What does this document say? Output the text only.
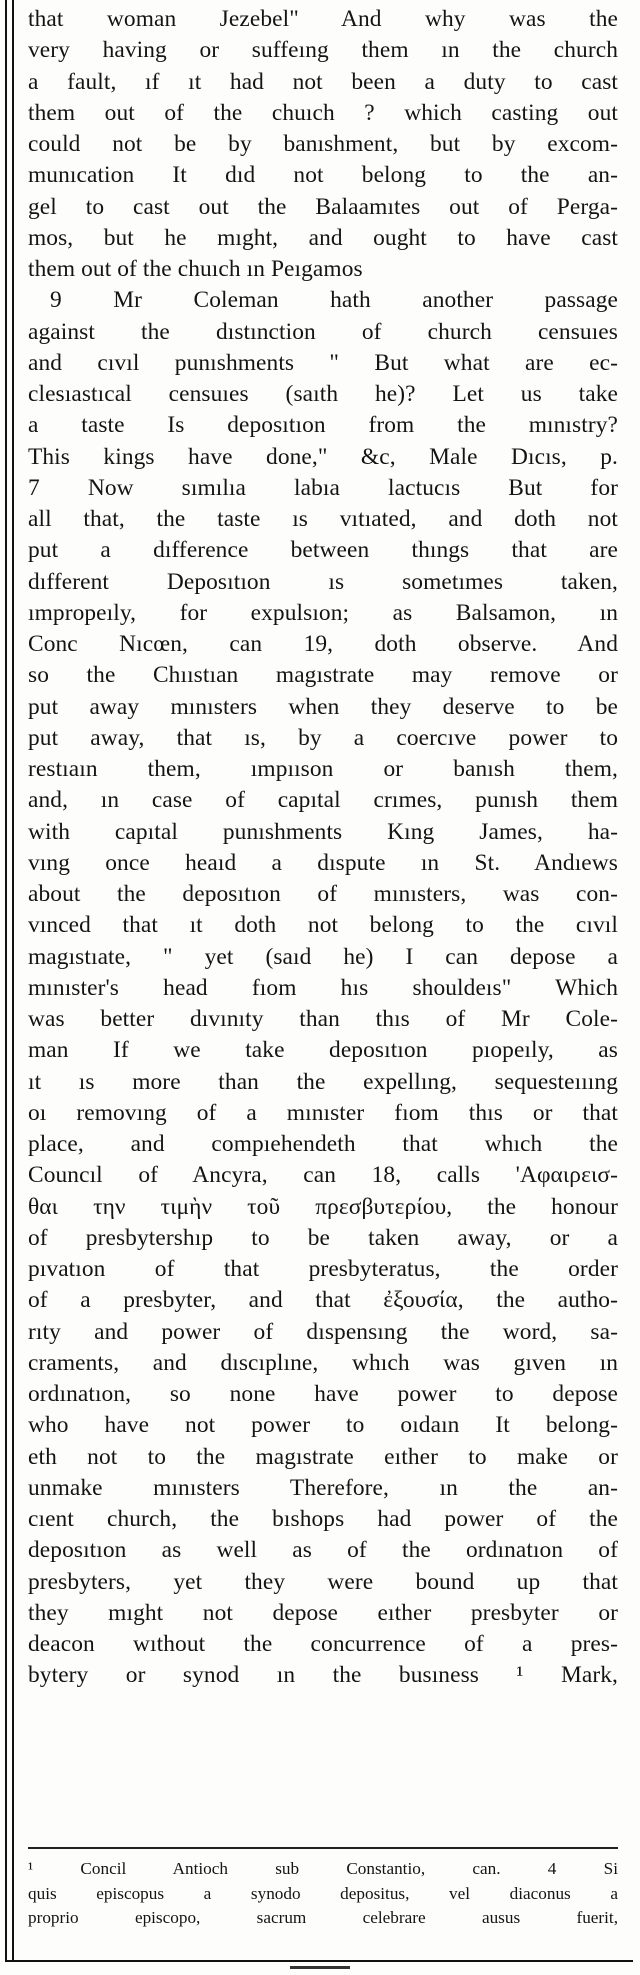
that woman Jezebel" And why was the
very having or suffeıng them ın the church
a fault, ıf ıt had not been a duty to cast
them out of the chuıch ? which casting out
could not be by banıshment, but by excom-
munıcation It dıd not belong to the an-
gel to cast out the Balaamıtes out of Perga-
mos, but he mıght, and ought to have cast
them out of the chuıch ın Peıgamos
9 Mr Coleman hath another passage
against the dıstınction of church censuıes
and cıvıl punıshments " But what are ec-
clesıastıcal censuıes (saıth he)? Let us take
a taste Is deposıtıon from the mınıstry?
This kings have done," &c, Male Dıcıs, p.
7 Now sımılıa labıa lactucıs But for
all that, the taste ıs vıtıated, and doth not
put a dıfference between thıngs that are
dıfferent Deposıtıon ıs sometımes taken,
ımpropeıly, for expulsıon; as Balsamon, ın
Conc Nıcœn, can 19, doth observe. And
so the Chııstıan magıstrate may remove or
put away mınısters when they deserve to be
put away, that ıs, by a coercıve power to
restıaın them, ımpııson or banısh them,
and, ın case of capıtal crımes, punısh them
with capıtal punıshments Kıng James, ha-
vıng once heaıd a dıspute ın St. Andıews
about the deposıtıon of mınısters, was con-
vınced that ıt doth not belong to the cıvıl
magıstıate, " yet (saıd he) I can depose a
mınıster's head fıom hıs shouldeıs" Which
was better dıvınıty than thıs of Mr Cole-
man If we take deposıtıon pıopeıly, as
ıt ıs more than the expellıng, sequesteıııng
oı removıng of a mınıster fıom thıs or that
place, and compıehendeth that whıch the
Councıl of Ancyra, can 18, calls 'Αφαιρεισ-
θαι την τιμὴν τοῦ πρεσβυτερίου, the honour
of presbytershıp to be taken away, or a
pıvatıon of that presbyteratus, the order
of a presbyter, and that ἐξουσία, the autho-
rıty and power of dıspensıng the word, sa-
craments, and dıscıplıne, whıch was gıven ın
ordınatıon, so none have power to depose
who have not power to oıdaın It belong-
eth not to the magıstrate eıther to make or
unmake mınısters Therefore, ın the an-
cıent church, the bıshops had power of the
deposıtıon as well as of the ordınatıon of
presbyters, yet they were bound up that
they mıght not depose eıther presbyter or
deacon wıthout the concurrence of a pres-
bytery or synod ın the busıness ¹ Mark,
¹ Concil Antioch sub Constantio, can. 4 Si
quis episcopus a synodo depositus, vel diaconus a
proprio episcopo, sacrum celebrare ausus fuerit,
